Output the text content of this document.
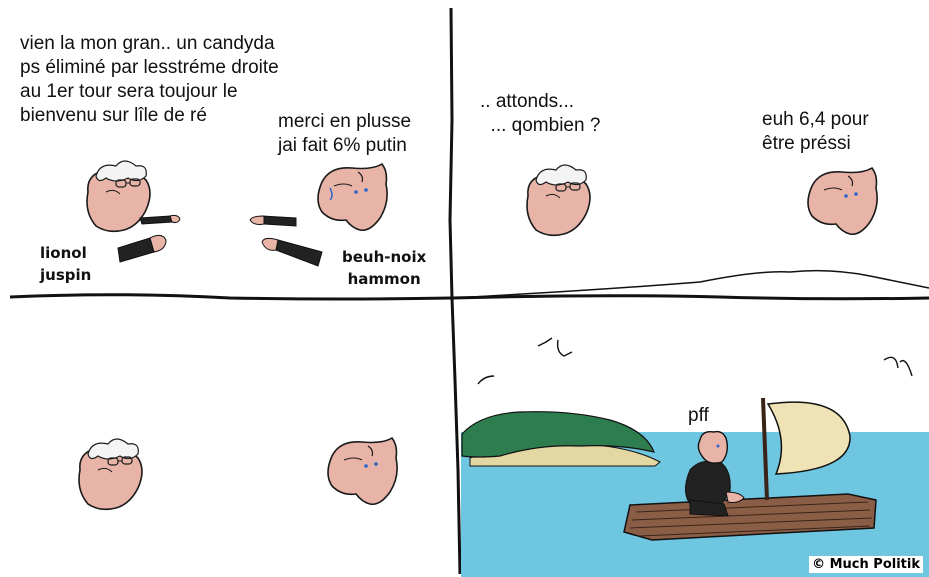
vien la mon gran.. un candyda
ps éliminé par lesstréme droite
au 1er tour sera toujour le
bienvenu sur lîle de ré	merci en plusse
jai fait 6% putin
lionol
juspin
beuh-noix
hammon
.. attonds...
... qombien ?	euh 6,4 pour
être préssi
pff
© Much Politik
